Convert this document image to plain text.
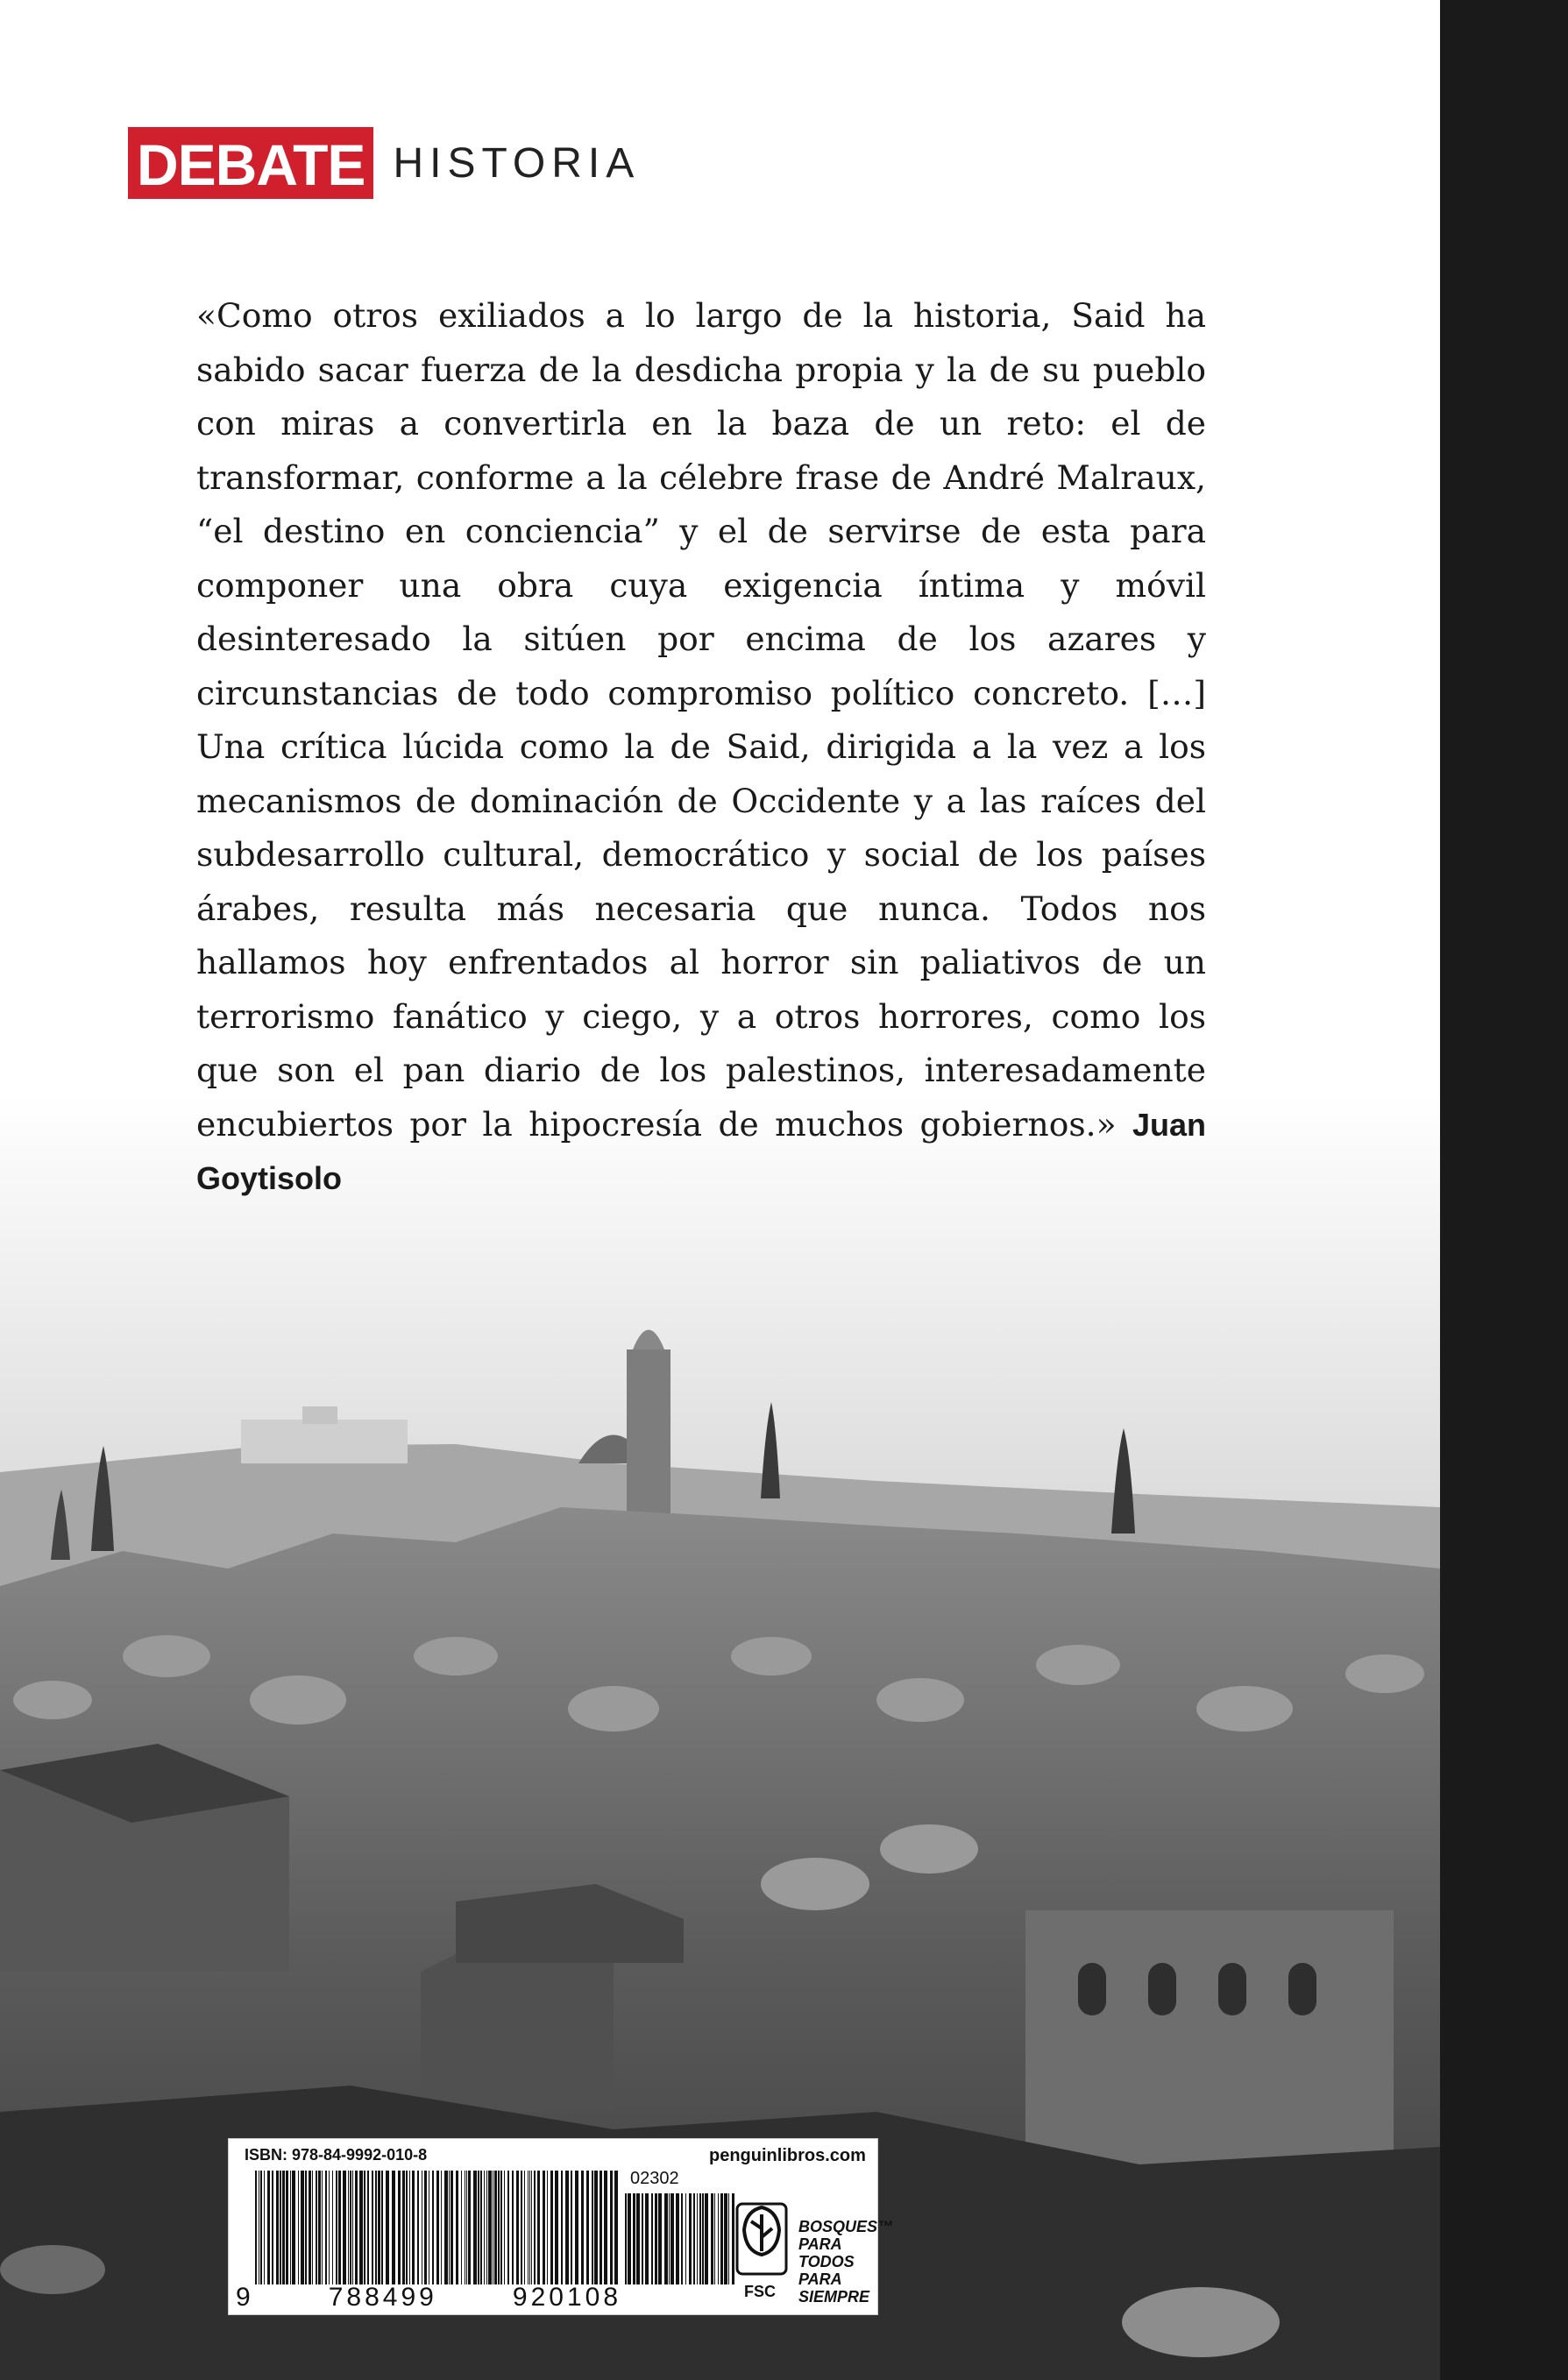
DEBATE HISTORIA
«Como otros exiliados a lo largo de la historia, Said ha sabido sacar fuerza de la desdicha propia y la de su pueblo con miras a convertirla en la baza de un reto: el de transformar, conforme a la célebre frase de André Malraux, “el destino en conciencia” y el de servirse de esta para componer una obra cuya exigencia íntima y móvil desinteresado la sitúen por encima de los azares y circunstancias de todo compromiso político concreto. […] Una crítica lúcida como la de Said, dirigida a la vez a los mecanismos de dominación de Occidente y a las raíces del subdesarrollo cultural, democrático y social de los países árabes, resulta más necesaria que nunca. Todos nos hallamos hoy enfrentados al horror sin paliativos de un terrorismo fanático y ciego, y a otros horrores, como los que son el pan diario de los palestinos, interesadamente encubiertos por la hipocresía de muchos gobiernos.» Juan Goytisolo
ISBN: 978-84-9992-010-8
02302
9	788499	920108
penguinlibros.com
FSC
BOSQUES™
PARA TODOS
PARA SIEMPRE
